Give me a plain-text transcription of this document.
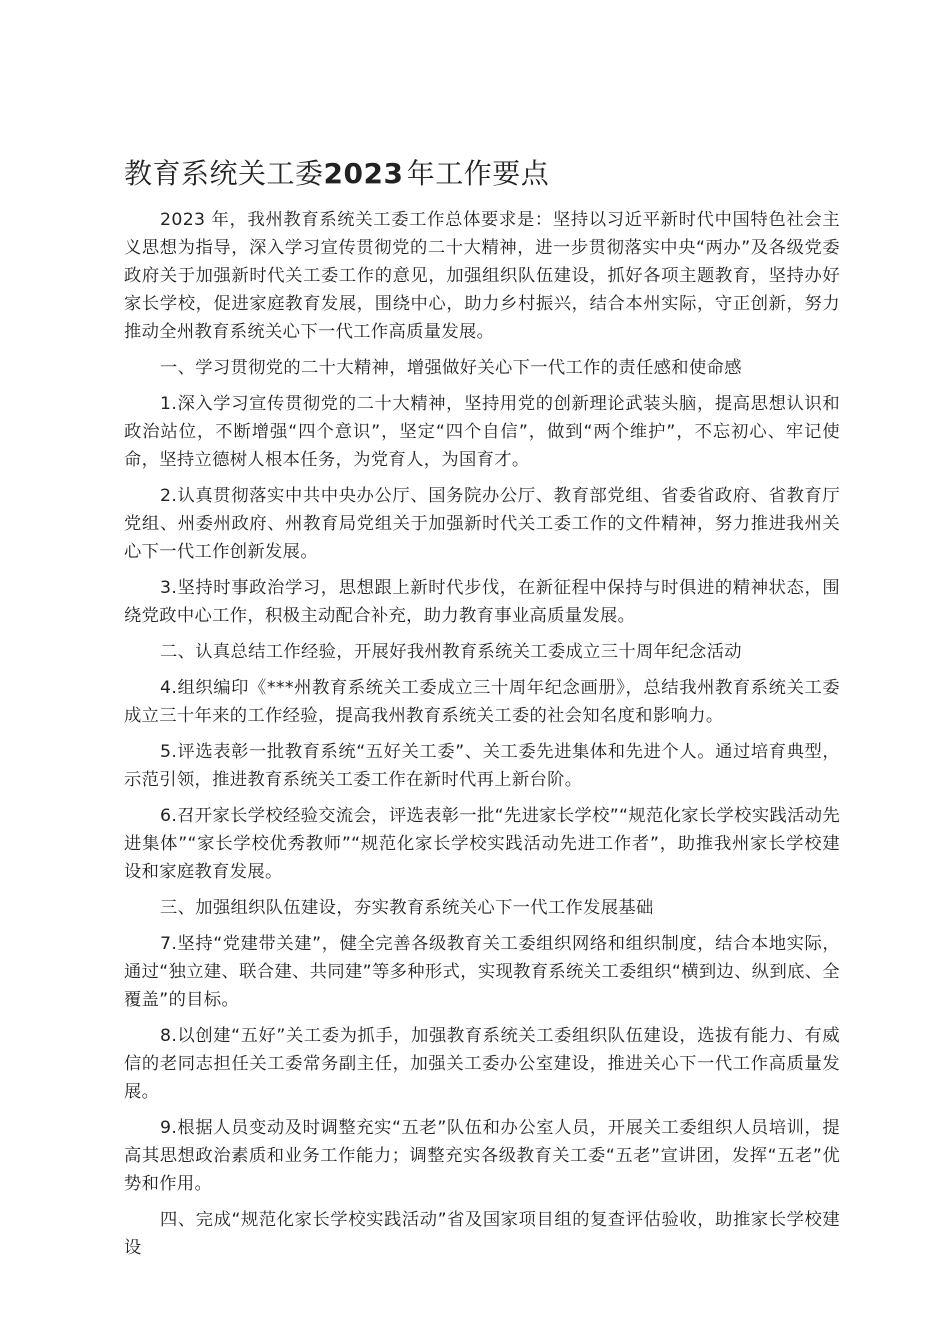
教育系统关工委2023  年工作要点

2023 年，我州教育系统关工委工作总体要求是：坚持以习近平新时代中国特色社会主义思想为指导，深入学习宣传贯彻党的二十大精神，进一步贯彻落实中央“两办”及各级党委政府关于加强新时代关工委工作的意见，加强组织队伍建设，抓好各项主题教育，坚持办好家长学校，促进家庭教育发展，围绕中心，助力乡村振兴，结合本州实际，守正创新，努力推动全州教育系统关心下一代工作高质量发展。

一、学习贯彻党的二十大精神，增强做好关心下一代工作的责任感和使命感

1.深入学习宣传贯彻党的二十大精神，坚持用党的创新理论武装头脑，提高思想认识和政治站位，不断增强“四个意识”，坚定“四个自信”，做到“两个维护”，不忘初心、牢记使命，坚持立德树人根本任务，为党育人，为国育才。

2.认真贯彻落实中共中央办公厅、国务院办公厅、教育部党组、省委省政府、省教育厅党组、州委州政府、州教育局党组关于加强新时代关工委工作的文件精神，努力推进我州关心下一代工作创新发展。

3.坚持时事政治学习，思想跟上新时代步伐，在新征程中保持与时俱进的精神状态，围绕党政中心工作，积极主动配合补充，助力教育事业高质量发展。

二、认真总结工作经验，开展好我州教育系统关工委成立三十周年纪念活动

4.组织编印《***州教育系统关工委成立三十周年纪念画册》，总结我州教育系统关工委成立三十年来的工作经验，提高我州教育系统关工委的社会知名度和影响力。

5.评选表彰一批教育系统“五好关工委”、关工委先进集体和先进个人。通过培育典型，示范引领，推进教育系统关工委工作在新时代再上新台阶。

6.召开家长学校经验交流会，评选表彰一批“先进家长学校”“规范化家长学校实践活动先进集体”“家长学校优秀教师”“规范化家长学校实践活动先进工作者”，助推我州家长学校建设和家庭教育发展。

三、加强组织队伍建设，夯实教育系统关心下一代工作发展基础

7.坚持“党建带关建”，健全完善各级教育关工委组织网络和组织制度，结合本地实际，通过“独立建、联合建、共同建”等多种形式，实现教育系统关工委组织“横到边、纵到底、全覆盖”的目标。

8.以创建“五好”关工委为抓手，加强教育系统关工委组织队伍建设，选拔有能力、有威信的老同志担任关工委常务副主任，加强关工委办公室建设，推进关心下一代工作高质量发展。

9.根据人员变动及时调整充实“五老”队伍和办公室人员，开展关工委组织人员培训，提高其思想政治素质和业务工作能力；调整充实各级教育关工委“五老”宣讲团，发挥“五老”优势和作用。

四、完成“规范化家长学校实践活动”省及国家项目组的复查评估验收，助推家长学校建设
